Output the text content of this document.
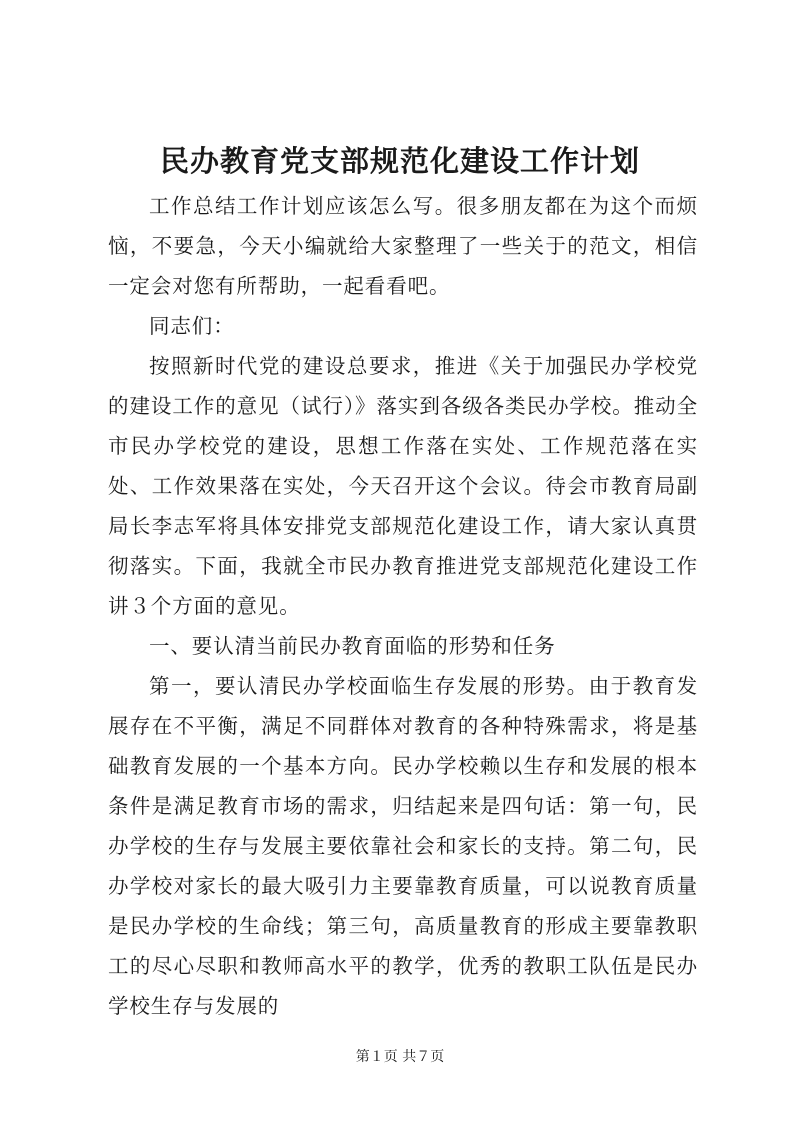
民办教育党支部规范化建设工作计划

工作总结工作计划应该怎么写。很多朋友都在为这个而烦恼，不要急，今天小编就给大家整理了一些关于的范文，相信一定会对您有所帮助，一起看看吧。

同志们：

按照新时代党的建设总要求，推进《关于加强民办学校党的建设工作的意见（试行）》落实到各级各类民办学校。推动全市民办学校党的建设，思想工作落在实处、工作规范落在实处、工作效果落在实处，今天召开这个会议。待会市教育局副局长李志军将具体安排党支部规范化建设工作，请大家认真贯彻落实。下面，我就全市民办教育推进党支部规范化建设工作讲３个方面的意见。

一、要认清当前民办教育面临的形势和任务

第一，要认清民办学校面临生存发展的形势。由于教育发展存在不平衡，满足不同群体对教育的各种特殊需求，将是基础教育发展的一个基本方向。民办学校赖以生存和发展的根本条件是满足教育市场的需求，归结起来是四句话：第一句，民办学校的生存与发展主要依靠社会和家长的支持。第二句，民办学校对家长的最大吸引力主要靠教育质量，可以说教育质量是民办学校的生命线；第三句，高质量教育的形成主要靠教职工的尽心尽职和教师高水平的教学，优秀的教职工队伍是民办学校生存与发展的

第１页 共７页
